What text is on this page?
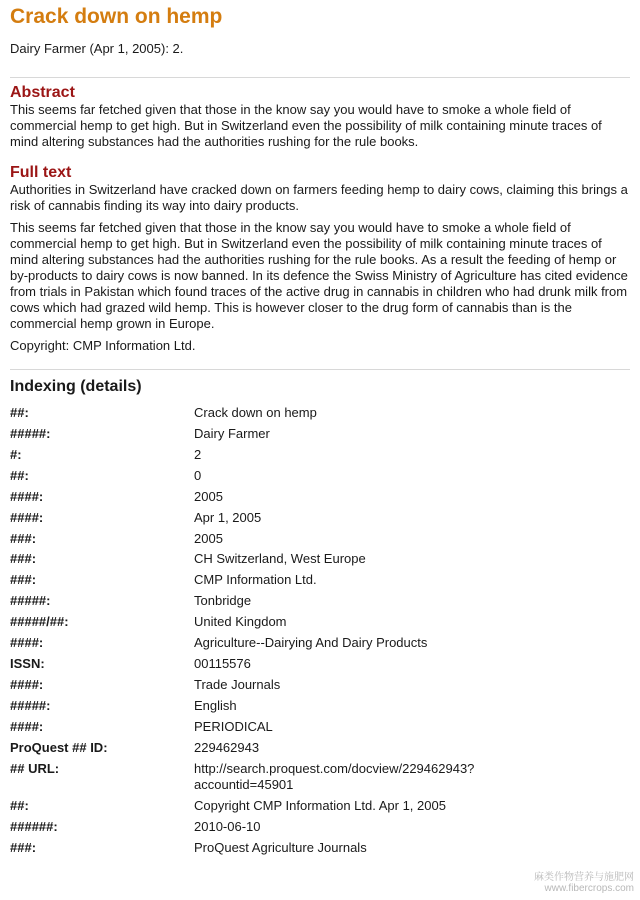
Crack down on hemp

Dairy Farmer (Apr 1, 2005): 2.

Abstract

This seems far fetched given that those in the know say you would have to smoke a whole field of commercial hemp to get high. But in Switzerland even the possibility of milk containing minute traces of mind altering substances had the authorities rushing for the rule books.

Full text

Authorities in Switzerland have cracked down on farmers feeding hemp to dairy cows, claiming this brings a risk of cannabis finding its way into dairy products.

This seems far fetched given that those in the know say you would have to smoke a whole field of commercial hemp to get high. But in Switzerland even the possibility of milk containing minute traces of mind altering substances had the authorities rushing for the rule books. As a result the feeding of hemp or by-products to dairy cows is now banned. In its defence the Swiss Ministry of Agriculture has cited evidence from trials in Pakistan which found traces of the active drug in cannabis in children who had drunk milk from cows which had grazed wild hemp. This is however closer to the drug form of cannabis than is the commercial hemp grown in Europe.

Copyright: CMP Information Ltd.

Indexing (details)
##:	Crack down on hemp
#####:	Dairy Farmer
#:	2
##:	0
####:	2005
####:	Apr 1, 2005
###:	2005
###:	CH Switzerland, West Europe
###:	CMP Information Ltd.
#####:	Tonbridge
#####/##:	United Kingdom
####:	Agriculture--Dairying And Dairy Products
ISSN:	00115576
####:	Trade Journals
#####:	English
####:	PERIODICAL
ProQuest ## ID:	229462943
## URL:	http://search.proquest.com/docview/229462943?
accountid=45901
##:	Copyright CMP Information Ltd. Apr 1, 2005
######:	2010-06-10
###:	ProQuest Agriculture Journals
麻类作物营养与施肥网
www.fibercrops.com
